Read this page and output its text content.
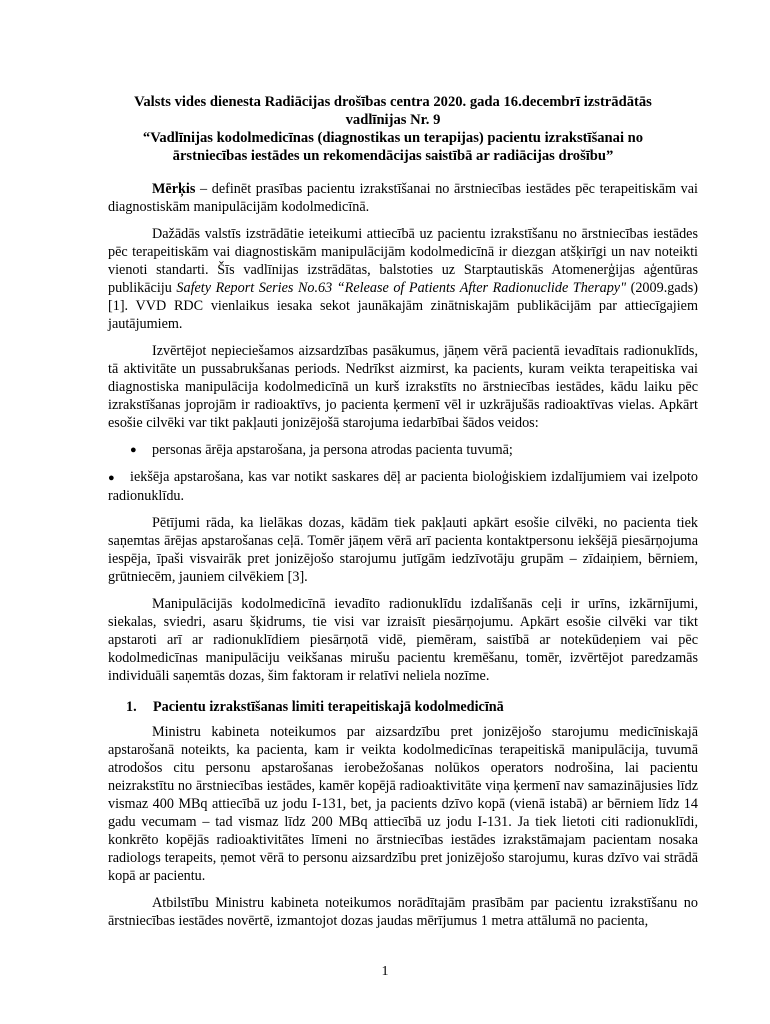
Valsts vides dienesta Radiācijas drošības centra 2020. gada 16.decembrī izstrādātās
vadlīnijas Nr. 9
“Vadlīnijas kodolmedicīnas (diagnostikas un terapijas) pacientu izrakstīšanai no
ārstniecības iestādes un rekomendācijas saistībā ar radiācijas drošību”

Mērķis – definēt prasības pacientu izrakstīšanai no ārstniecības iestādes pēc terapeitiskām vai diagnostiskām manipulācijām kodolmedicīnā.

Dažādās valstīs izstrādātie ieteikumi attiecībā uz pacientu izrakstīšanu no ārstniecības iestādes pēc terapeitiskām vai diagnostiskām manipulācijām kodolmedicīnā ir diezgan atšķirīgi un nav noteikti vienoti standarti. Šīs vadlīnijas izstrādātas, balstoties uz Starptautiskās Atomenerģijas aģentūras publikāciju Safety Report Series No.63 “Release of Patients After Radionuclide Therapy" (2009.gads) [1]. VVD RDC vienlaikus iesaka sekot jaunākajām zinātniskajām publikācijām par attiecīgajiem jautājumiem.

Izvērtējot nepieciešamos aizsardzības pasākumus, jāņem vērā pacientā ievadītais radionuklīds, tā aktivitāte un pussabrukšanas periods. Nedrīkst aizmirst, ka pacients, kuram veikta terapeitiska vai diagnostiska manipulācija kodolmedicīnā un kurš izrakstīts no ārstniecības iestādes, kādu laiku pēc izrakstīšanas joprojām ir radioaktīvs, jo pacienta ķermenī vēl ir uzkrājušās radioaktīvas vielas. Apkārt esošie cilvēki var tikt pakļauti jonizējošā starojuma iedarbībai šādos veidos:

●	personas ārēja apstarošana, ja persona atrodas pacienta tuvumā;
● iekšēja apstarošana, kas var notikt saskares dēļ ar pacienta bioloģiskiem izdalījumiem vai izelpoto radionuklīdu.

Pētījumi rāda, ka lielākas dozas, kādām tiek pakļauti apkārt esošie cilvēki, no pacienta tiek saņemtas ārējas apstarošanas ceļā. Tomēr jāņem vērā arī pacienta kontaktpersonu iekšējā piesārņojuma iespēja, īpaši visvairāk pret jonizējošo starojumu jutīgām iedzīvotāju grupām – zīdaiņiem, bērniem, grūtniecēm, jauniem cilvēkiem [3].

Manipulācijās kodolmedicīnā ievadīto radionuklīdu izdalīšanās ceļi ir urīns, izkārnījumi, siekalas, sviedri, asaru šķidrums, tie visi var izraisīt piesārņojumu. Apkārt esošie cilvēki var tikt apstaroti arī ar radionuklīdiem piesārņotā vidē, piemēram, saistībā ar notekūdeņiem vai pēc kodolmedicīnas manipulāciju veikšanas mirušu pacientu kremēšanu, tomēr, izvērtējot paredzamās individuāli saņemtās dozas, šim faktoram ir relatīvi neliela nozīme.

1. Pacientu izrakstīšanas limiti terapeitiskajā kodolmedicīnā

Ministru kabineta noteikumos par aizsardzību pret jonizējošo starojumu medicīniskajā apstarošanā noteikts, ka pacienta, kam ir veikta kodolmedicīnas terapeitiskā manipulācija, tuvumā atrodošos citu personu apstarošanas ierobežošanas nolūkos operators nodrošina, lai pacientu neizrakstītu no ārstniecības iestādes, kamēr kopējā radioaktivitāte viņa ķermenī nav samazinājusies līdz vismaz 400 MBq attiecībā uz jodu I-131, bet, ja pacients dzīvo kopā (vienā istabā) ar bērniem līdz 14 gadu vecumam – tad vismaz līdz 200 MBq attiecībā uz jodu I-131. Ja tiek lietoti citi radionuklīdi, konkrēto kopējās radioaktivitātes līmeni no ārstniecības iestādes izrakstāmajam pacientam nosaka radiologs terapeits, ņemot vērā to personu aizsardzību pret jonizējošo starojumu, kuras dzīvo vai strādā kopā ar pacientu.

Atbilstību Ministru kabineta noteikumos norādītajām prasībām par pacientu izrakstīšanu no ārstniecības iestādes novērtē, izmantojot dozas jaudas mērījumus 1 metra attālumā no pacienta,

1
